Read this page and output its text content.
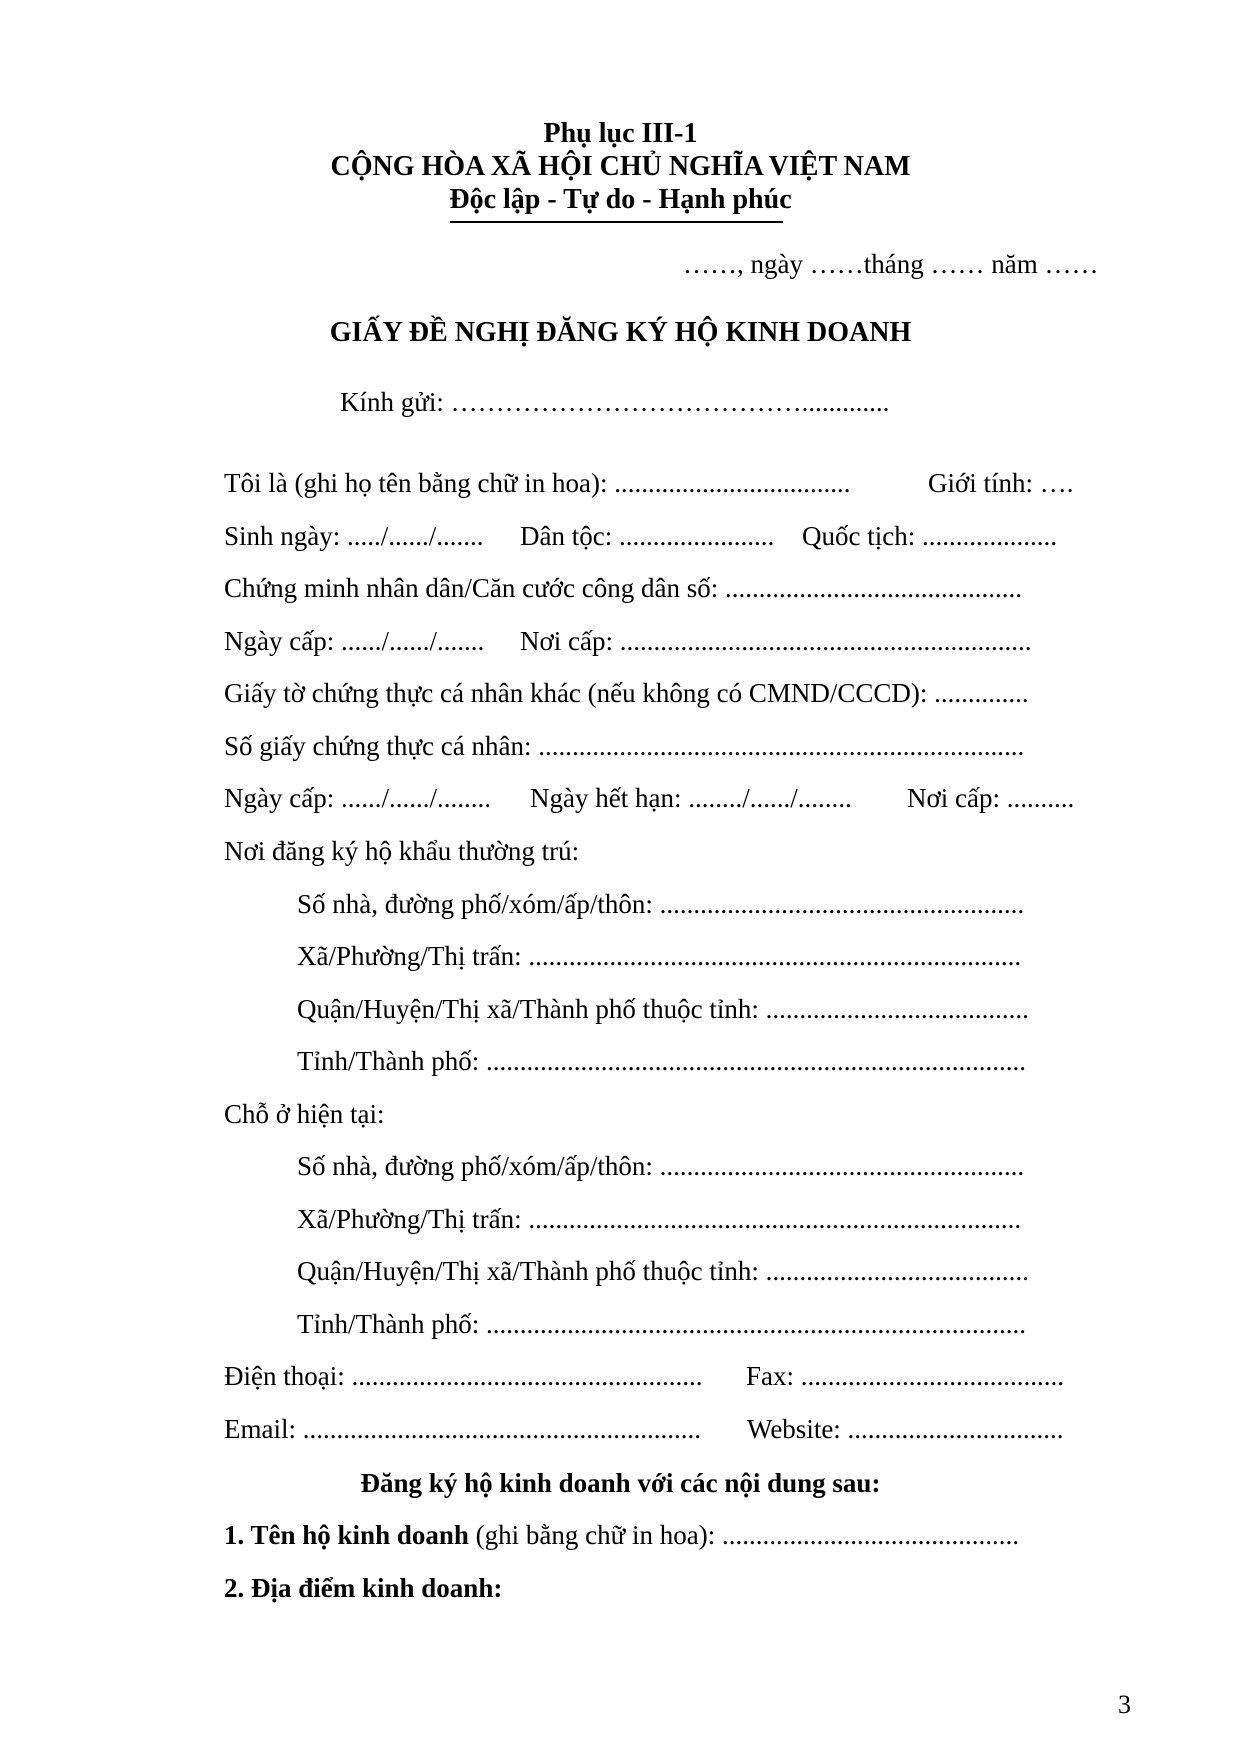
Phụ lục III-1
CỘNG HÒA XÃ HỘI CHỦ NGHĨA VIỆT NAM
Độc lập - Tự do - Hạnh phúc
……, ngày ……tháng …… năm ……
GIẤY ĐỀ NGHỊ ĐĂNG KÝ HỘ KINH DOANH
Kính gửi: ………………………………….............
Tôi là (ghi họ tên bằng chữ in hoa): ...................................	Giới tính: ….
Sinh ngày: ...../....../....... Dân tộc: ....................... Quốc tịch: ....................
Chứng minh nhân dân/Căn cước công dân số: ............................................
Ngày cấp: ....../....../....... Nơi cấp: .............................................................
Giấy tờ chứng thực cá nhân khác (nếu không có CMND/CCCD): ..............
Số giấy chứng thực cá nhân: ........................................................................
Ngày cấp: ....../....../........ Ngày hết hạn: ......../....../........ Nơi cấp: ..........
Nơi đăng ký hộ khẩu thường trú:
Số nhà, đường phố/xóm/ấp/thôn: ......................................................
Xã/Phường/Thị trấn: .........................................................................
Quận/Huyện/Thị xã/Thành phố thuộc tỉnh: .......................................
Tỉnh/Thành phố: ................................................................................
Chỗ ở hiện tại:
Số nhà, đường phố/xóm/ấp/thôn: ......................................................
Xã/Phường/Thị trấn: .........................................................................
Quận/Huyện/Thị xã/Thành phố thuộc tỉnh: .......................................
Tỉnh/Thành phố: ................................................................................
Điện thoại: .................................................... Fax: .......................................
Email: ........................................................... Website: ................................
Đăng ký hộ kinh doanh với các nội dung sau:
1. Tên hộ kinh doanh (ghi bằng chữ in hoa): ............................................
2. Địa điểm kinh doanh:
3
